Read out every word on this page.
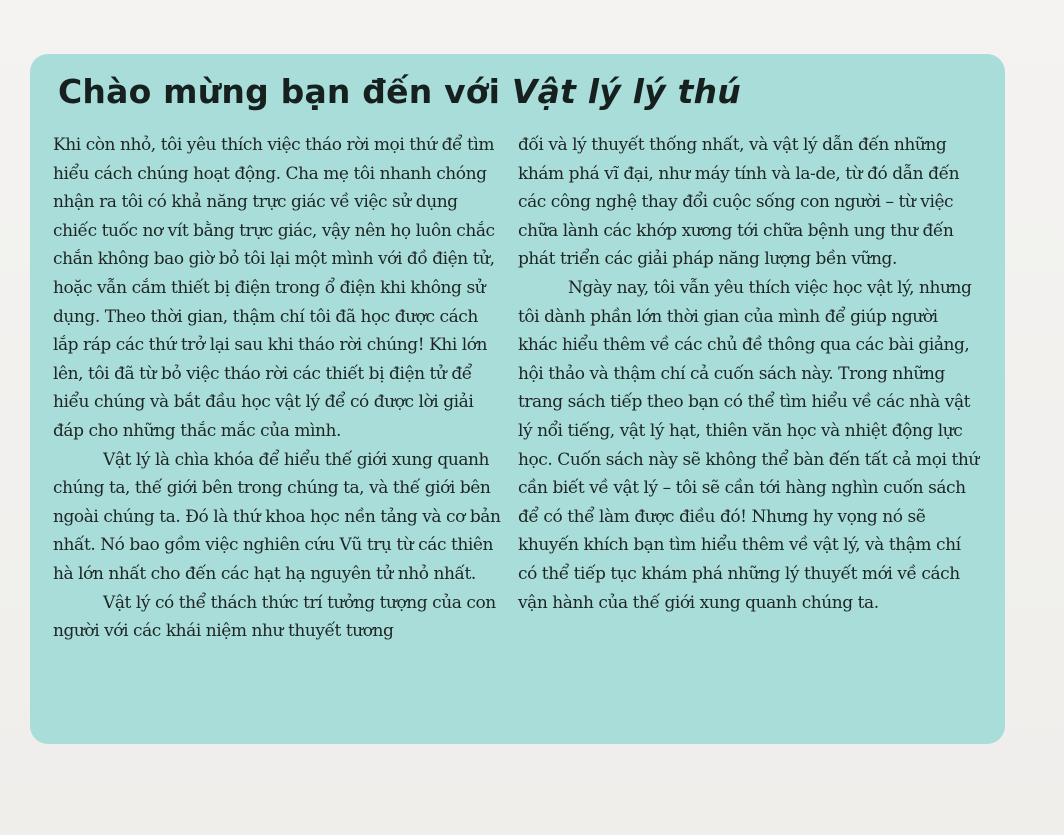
Chào mừng bạn đến với Vật lý lý thú

Khi còn nhỏ, tôi yêu thích việc tháo rời mọi thứ để tìm hiểu cách chúng hoạt động. Cha mẹ tôi nhanh chóng nhận ra tôi có khả năng trực giác về việc sử dụng chiếc tuốc nơ vít bằng trực giác, vậy nên họ luôn chắc chắn không bao giờ bỏ tôi lại một mình với đồ điện tử, hoặc vẫn cắm thiết bị điện trong ổ điện khi không sử dụng. Theo thời gian, thậm chí tôi đã học được cách lắp ráp các thứ trở lại sau khi tháo rời chúng! Khi lớn lên, tôi đã từ bỏ việc tháo rời các thiết bị điện tử để hiểu chúng và bắt đầu học vật lý để có được lời giải đáp cho những thắc mắc của mình.

Vật lý là chìa khóa để hiểu thế giới xung quanh chúng ta, thế giới bên trong chúng ta, và thế giới bên ngoài chúng ta. Đó là thứ khoa học nền tảng và cơ bản nhất. Nó bao gồm việc nghiên cứu Vũ trụ từ các thiên hà lớn nhất cho đến các hạt hạ nguyên tử nhỏ nhất.

Vật lý có thể thách thức trí tưởng tượng của con người với các khái niệm như thuyết tương

đối và lý thuyết thống nhất, và vật lý dẫn đến những khám phá vĩ đại, như máy tính và la-de, từ đó dẫn đến các công nghệ thay đổi cuộc sống con người – từ việc chữa lành các khớp xương tới chữa bệnh ung thư đến phát triển các giải pháp năng lượng bền vững.

Ngày nay, tôi vẫn yêu thích việc học vật lý, nhưng tôi dành phần lớn thời gian của mình để giúp người khác hiểu thêm về các chủ đề thông qua các bài giảng, hội thảo và thậm chí cả cuốn sách này. Trong những trang sách tiếp theo bạn có thể tìm hiểu về các nhà vật lý nổi tiếng, vật lý hạt, thiên văn học và nhiệt động lực học. Cuốn sách này sẽ không thể bàn đến tất cả mọi thứ cần biết về vật lý – tôi sẽ cần tới hàng nghìn cuốn sách để có thể làm được điều đó! Nhưng hy vọng nó sẽ khuyến khích bạn tìm hiểu thêm về vật lý, và thậm chí có thể tiếp tục khám phá những lý thuyết mới về cách vận hành của thế giới xung quanh chúng ta.
